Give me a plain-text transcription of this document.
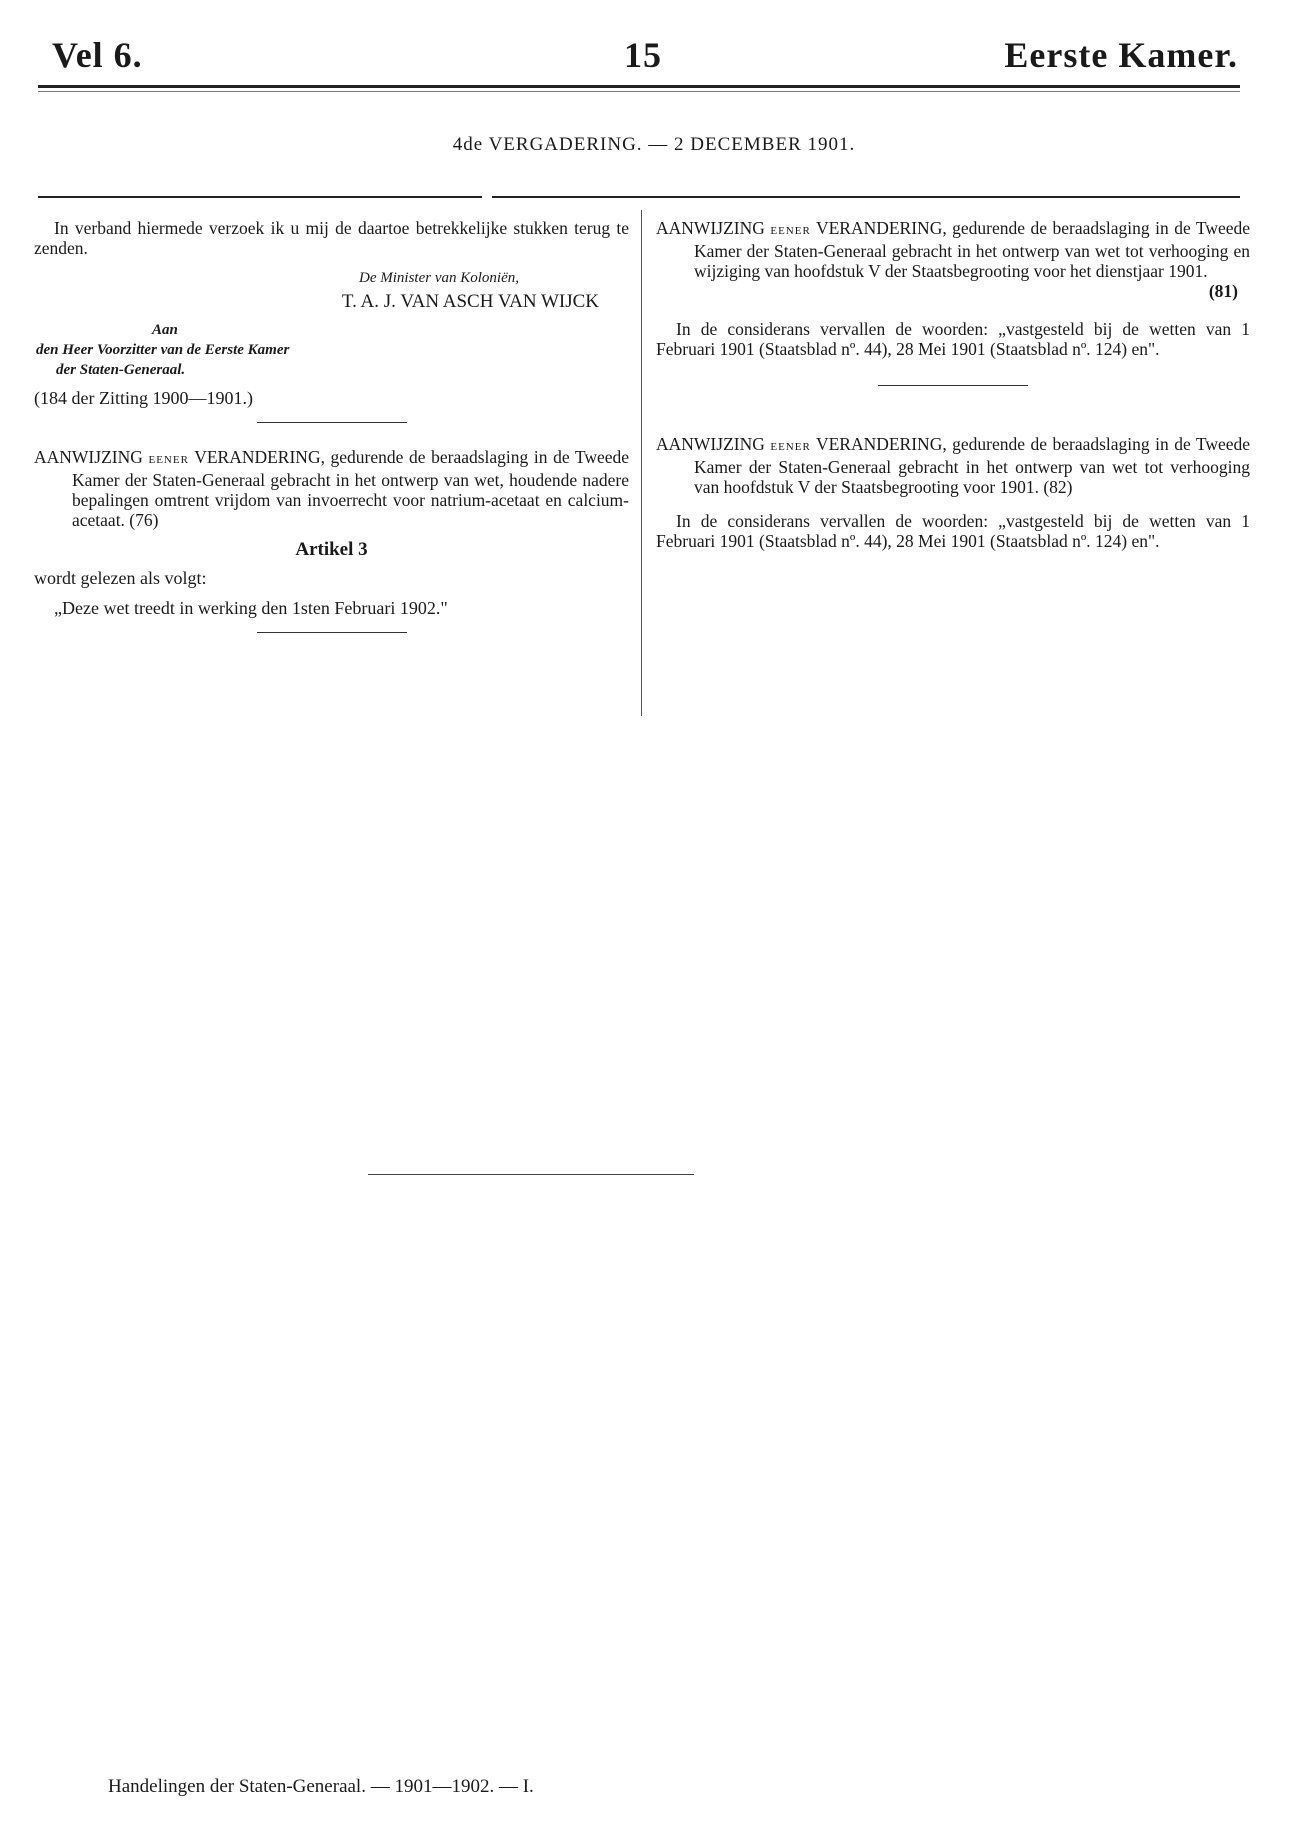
Vel 6.	15	Eerste Kamer.
4de VERGADERING. — 2 DECEMBER 1901.

In verband hiermede verzoek ik u mij de daartoe betrekkelijke stukken terug te zenden.

De Minister van Koloniën,
T. A. J. VAN ASCH VAN WIJCK
Aan
den Heer Voorzitter van de Eerste Kamer
der Staten-Generaal.
(184 der Zitting 1900—1901.)

AANWIJZING EENER VERANDERING, gedurende de beraadslaging in de Tweede Kamer der Staten-Generaal gebracht in het ontwerp van wet, houdende nadere bepalingen omtrent vrijdom van invoerrecht voor natrium-acetaat en calcium-acetaat. (76)

Artikel 3
wordt gelezen als volgt:
„Deze wet treedt in werking den 1sten Februari 1902."

AANWIJZING EENER VERANDERING, gedurende de beraadslaging in de Tweede Kamer der Staten-Generaal gebracht in het ontwerp van wet tot verhooging en wijziging van hoofdstuk V der Staatsbegrooting voor het dienstjaar 1901.

(81)

In de considerans vervallen de woorden: „vastgesteld bij de wetten van 1 Februari 1901 (Staatsblad nº. 44), 28 Mei 1901 (Staatsblad nº. 124) en".

AANWIJZING EENER VERANDERING, gedurende de beraadslaging in de Tweede Kamer der Staten-Generaal gebracht in het ontwerp van wet tot verhooging van hoofdstuk V der Staatsbegrooting voor 1901. (82)

In de considerans vervallen de woorden: „vastgesteld bij de wetten van 1 Februari 1901 (Staatsblad nº. 44), 28 Mei 1901 (Staatsblad nº. 124) en".

Handelingen der Staten-Generaal. — 1901—1902. — I.
